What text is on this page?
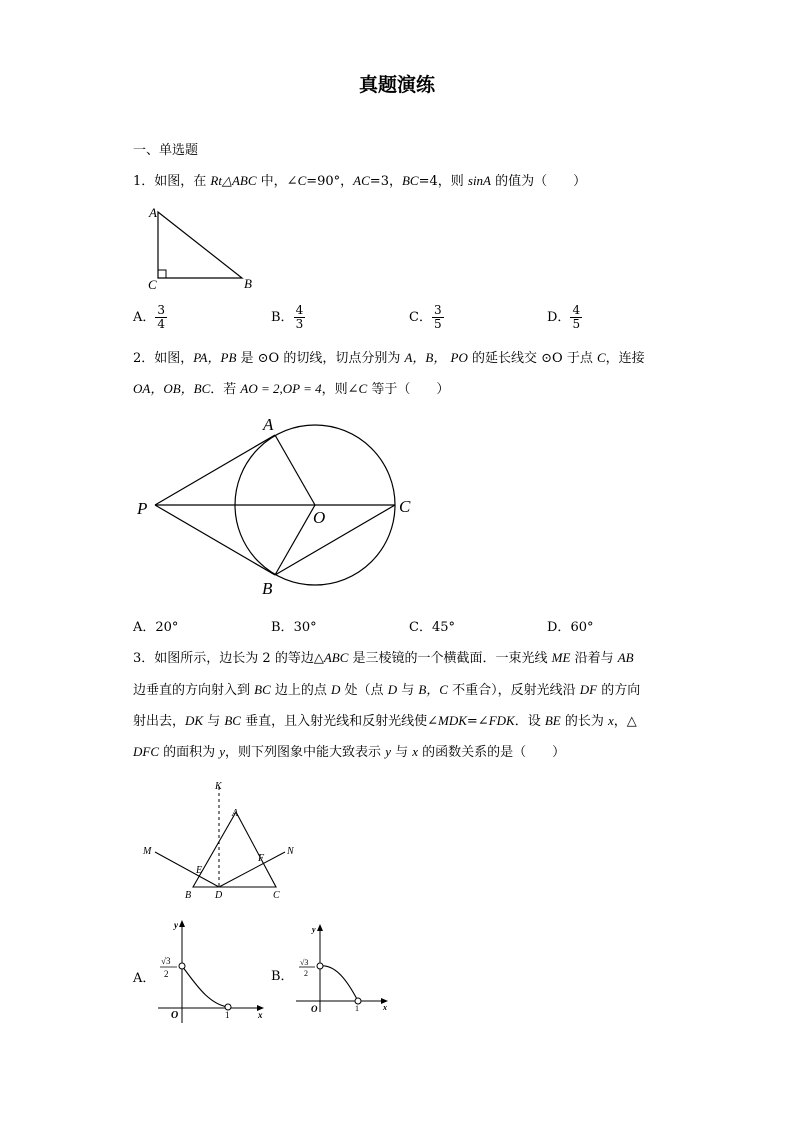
真题演练
一、单选题
1．如图，在 Rt△ABC 中，∠C=90°，AC=3，BC=4，则 sinA 的值为（　　）
A
C	B
A． $\frac{3}{4}$	B． $\frac{4}{3}$	C． $\frac{3}{5}$	D． $\frac{4}{5}$
2．如图，PA，PB 是 ⊙O 的切线，切点分别为 A，B， PO 的延长线交 ⊙O 于点 C，连接
OA，OB，BC．若 AO = 2,OP = 4，则∠C 等于（　　）
A
P	O
C
B
A．20°	B．30°	C．45°	D．60°
3．如图所示，边长为 2 的等边△ABC 是三棱镜的一个横截面．一束光线 ME 沿着与 AB
边垂直的方向射入到 BC 边上的点 D 处（点 D 与 B，C 不重合），反射光线沿 DF 的方向
射出去，DK 与 BC 垂直，且入射光线和反射光线使∠MDK=∠FDK．设 BE 的长为 x，△
DFC 的面积为 y，则下列图象中能大致表示 y 与 x 的函数关系的是（　　）
K
A
M	N
E
F
B D	C
A．
y
x
O
√3
2
1
B．
y
x
O
√3
2
1
